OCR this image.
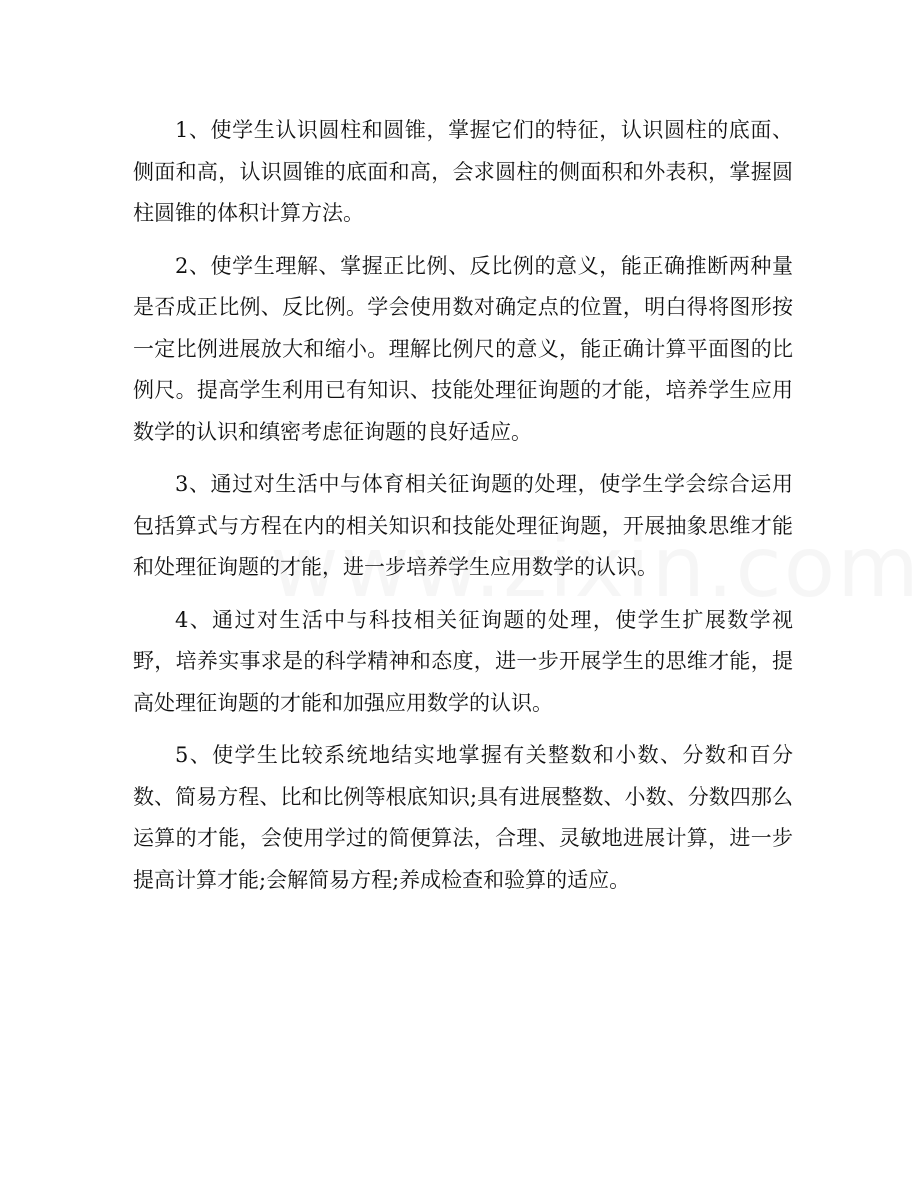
1、使学生认识圆柱和圆锥，掌握它们的特征，认识圆柱的底面、侧面和高，认识圆锥的底面和高，会求圆柱的侧面积和外表积，掌握圆柱圆锥的体积计算方法。

2、使学生理解、掌握正比例、反比例的意义，能正确推断两种量是否成正比例、反比例。学会使用数对确定点的位置，明白得将图形按一定比例进展放大和缩小。理解比例尺的意义，能正确计算平面图的比例尺。提高学生利用已有知识、技能处理征询题的才能，培养学生应用数学的认识和缜密考虑征询题的良好适应。

3、通过对生活中与体育相关征询题的处理，使学生学会综合运用包括算式与方程在内的相关知识和技能处理征询题，开展抽象思维才能和处理征询题的才能，进一步培养学生应用数学的认识。

4、通过对生活中与科技相关征询题的处理，使学生扩展数学视野，培养实事求是的科学精神和态度，进一步开展学生的思维才能，提高处理征询题的才能和加强应用数学的认识。

5、使学生比较系统地结实地掌握有关整数和小数、分数和百分数、简易方程、比和比例等根底知识;具有进展整数、小数、分数四那么运算的才能，会使用学过的简便算法，合理、灵敏地进展计算，进一步提高计算才能;会解简易方程;养成检查和验算的适应。
